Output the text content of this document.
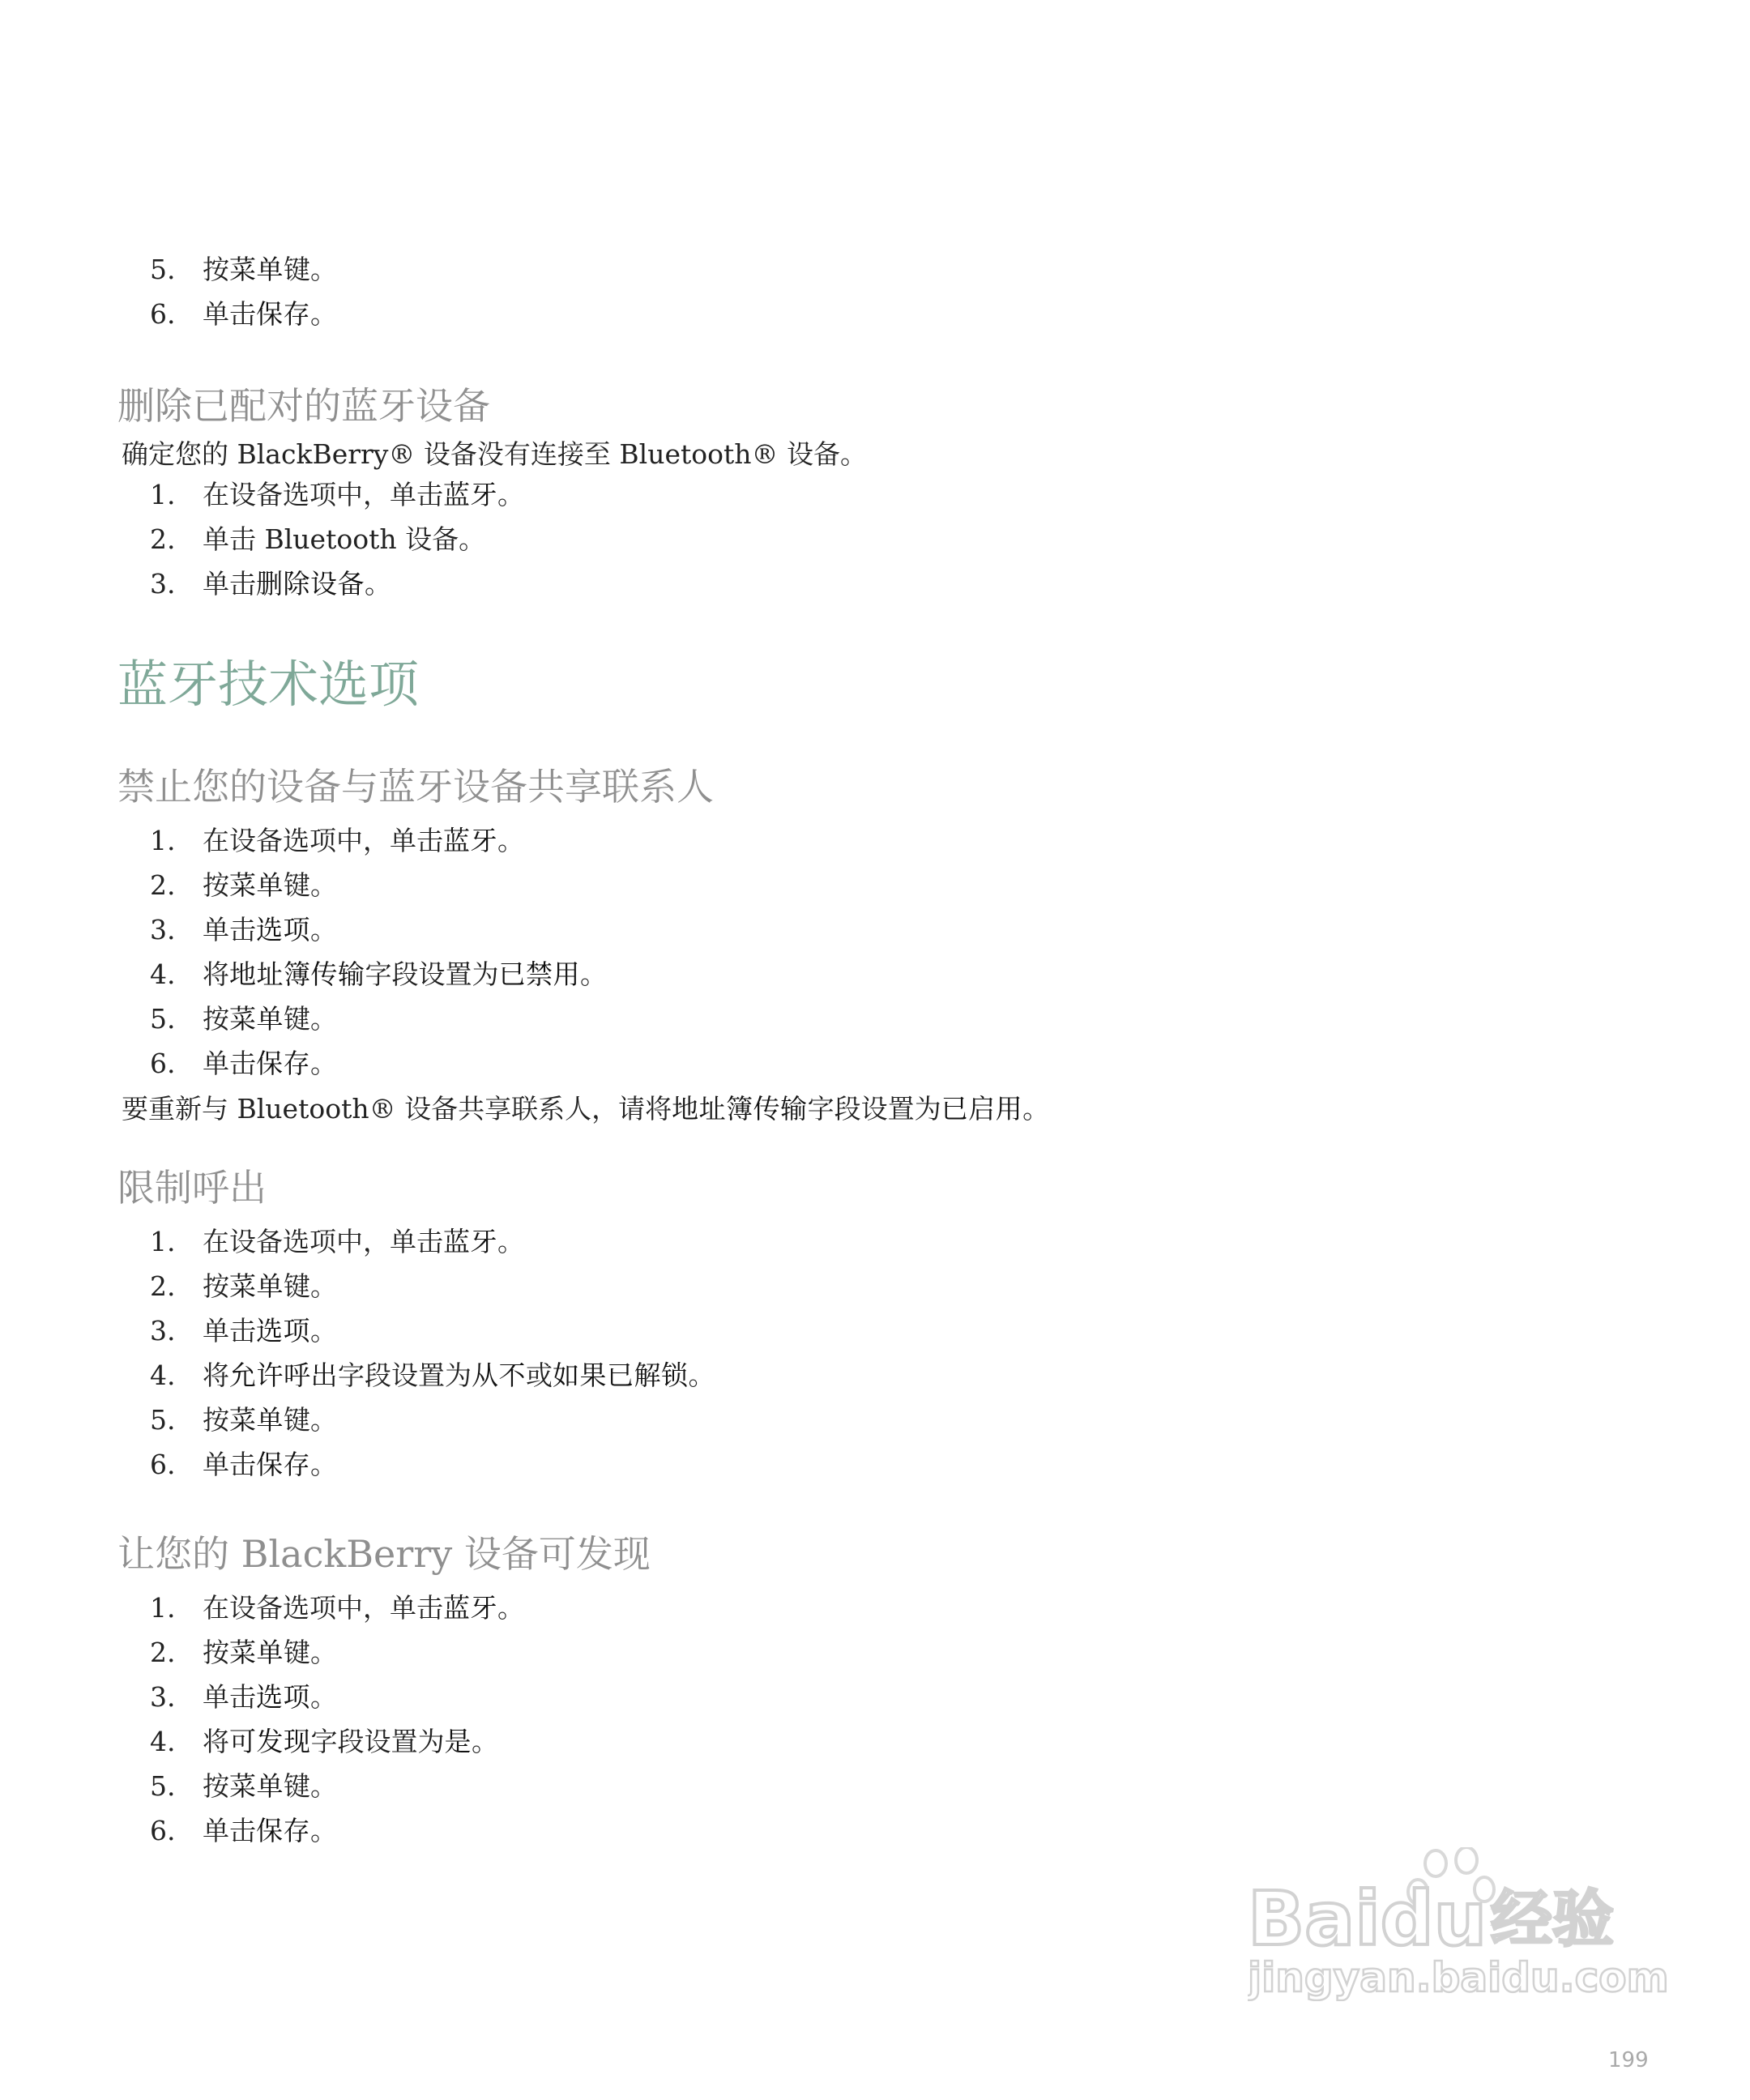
5. 按菜单键。
6. 单击保存。
删除已配对的蓝牙设备
确定您的 BlackBerry® 设备没有连接至 Bluetooth® 设备。
1. 在设备选项中，单击蓝牙。
2. 单击 Bluetooth 设备。
3. 单击删除设备。
蓝牙技术选项
禁止您的设备与蓝牙设备共享联系人
1. 在设备选项中，单击蓝牙。
2. 按菜单键。
3. 单击选项。
4. 将地址簿传输字段设置为已禁用。
5. 按菜单键。
6. 单击保存。
要重新与 Bluetooth® 设备共享联系人，请将地址簿传输字段设置为已启用。
限制呼出
1. 在设备选项中，单击蓝牙。
2. 按菜单键。
3. 单击选项。
4. 将允许呼出字段设置为从不或如果已解锁。
5. 按菜单键。
6. 单击保存。
让您的 BlackBerry 设备可发现
1. 在设备选项中，单击蓝牙。
2. 按菜单键。
3. 单击选项。
4. 将可发现字段设置为是。
5. 按菜单键。
6. 单击保存。
Baidu 经验
jingyan.baidu.com
199
